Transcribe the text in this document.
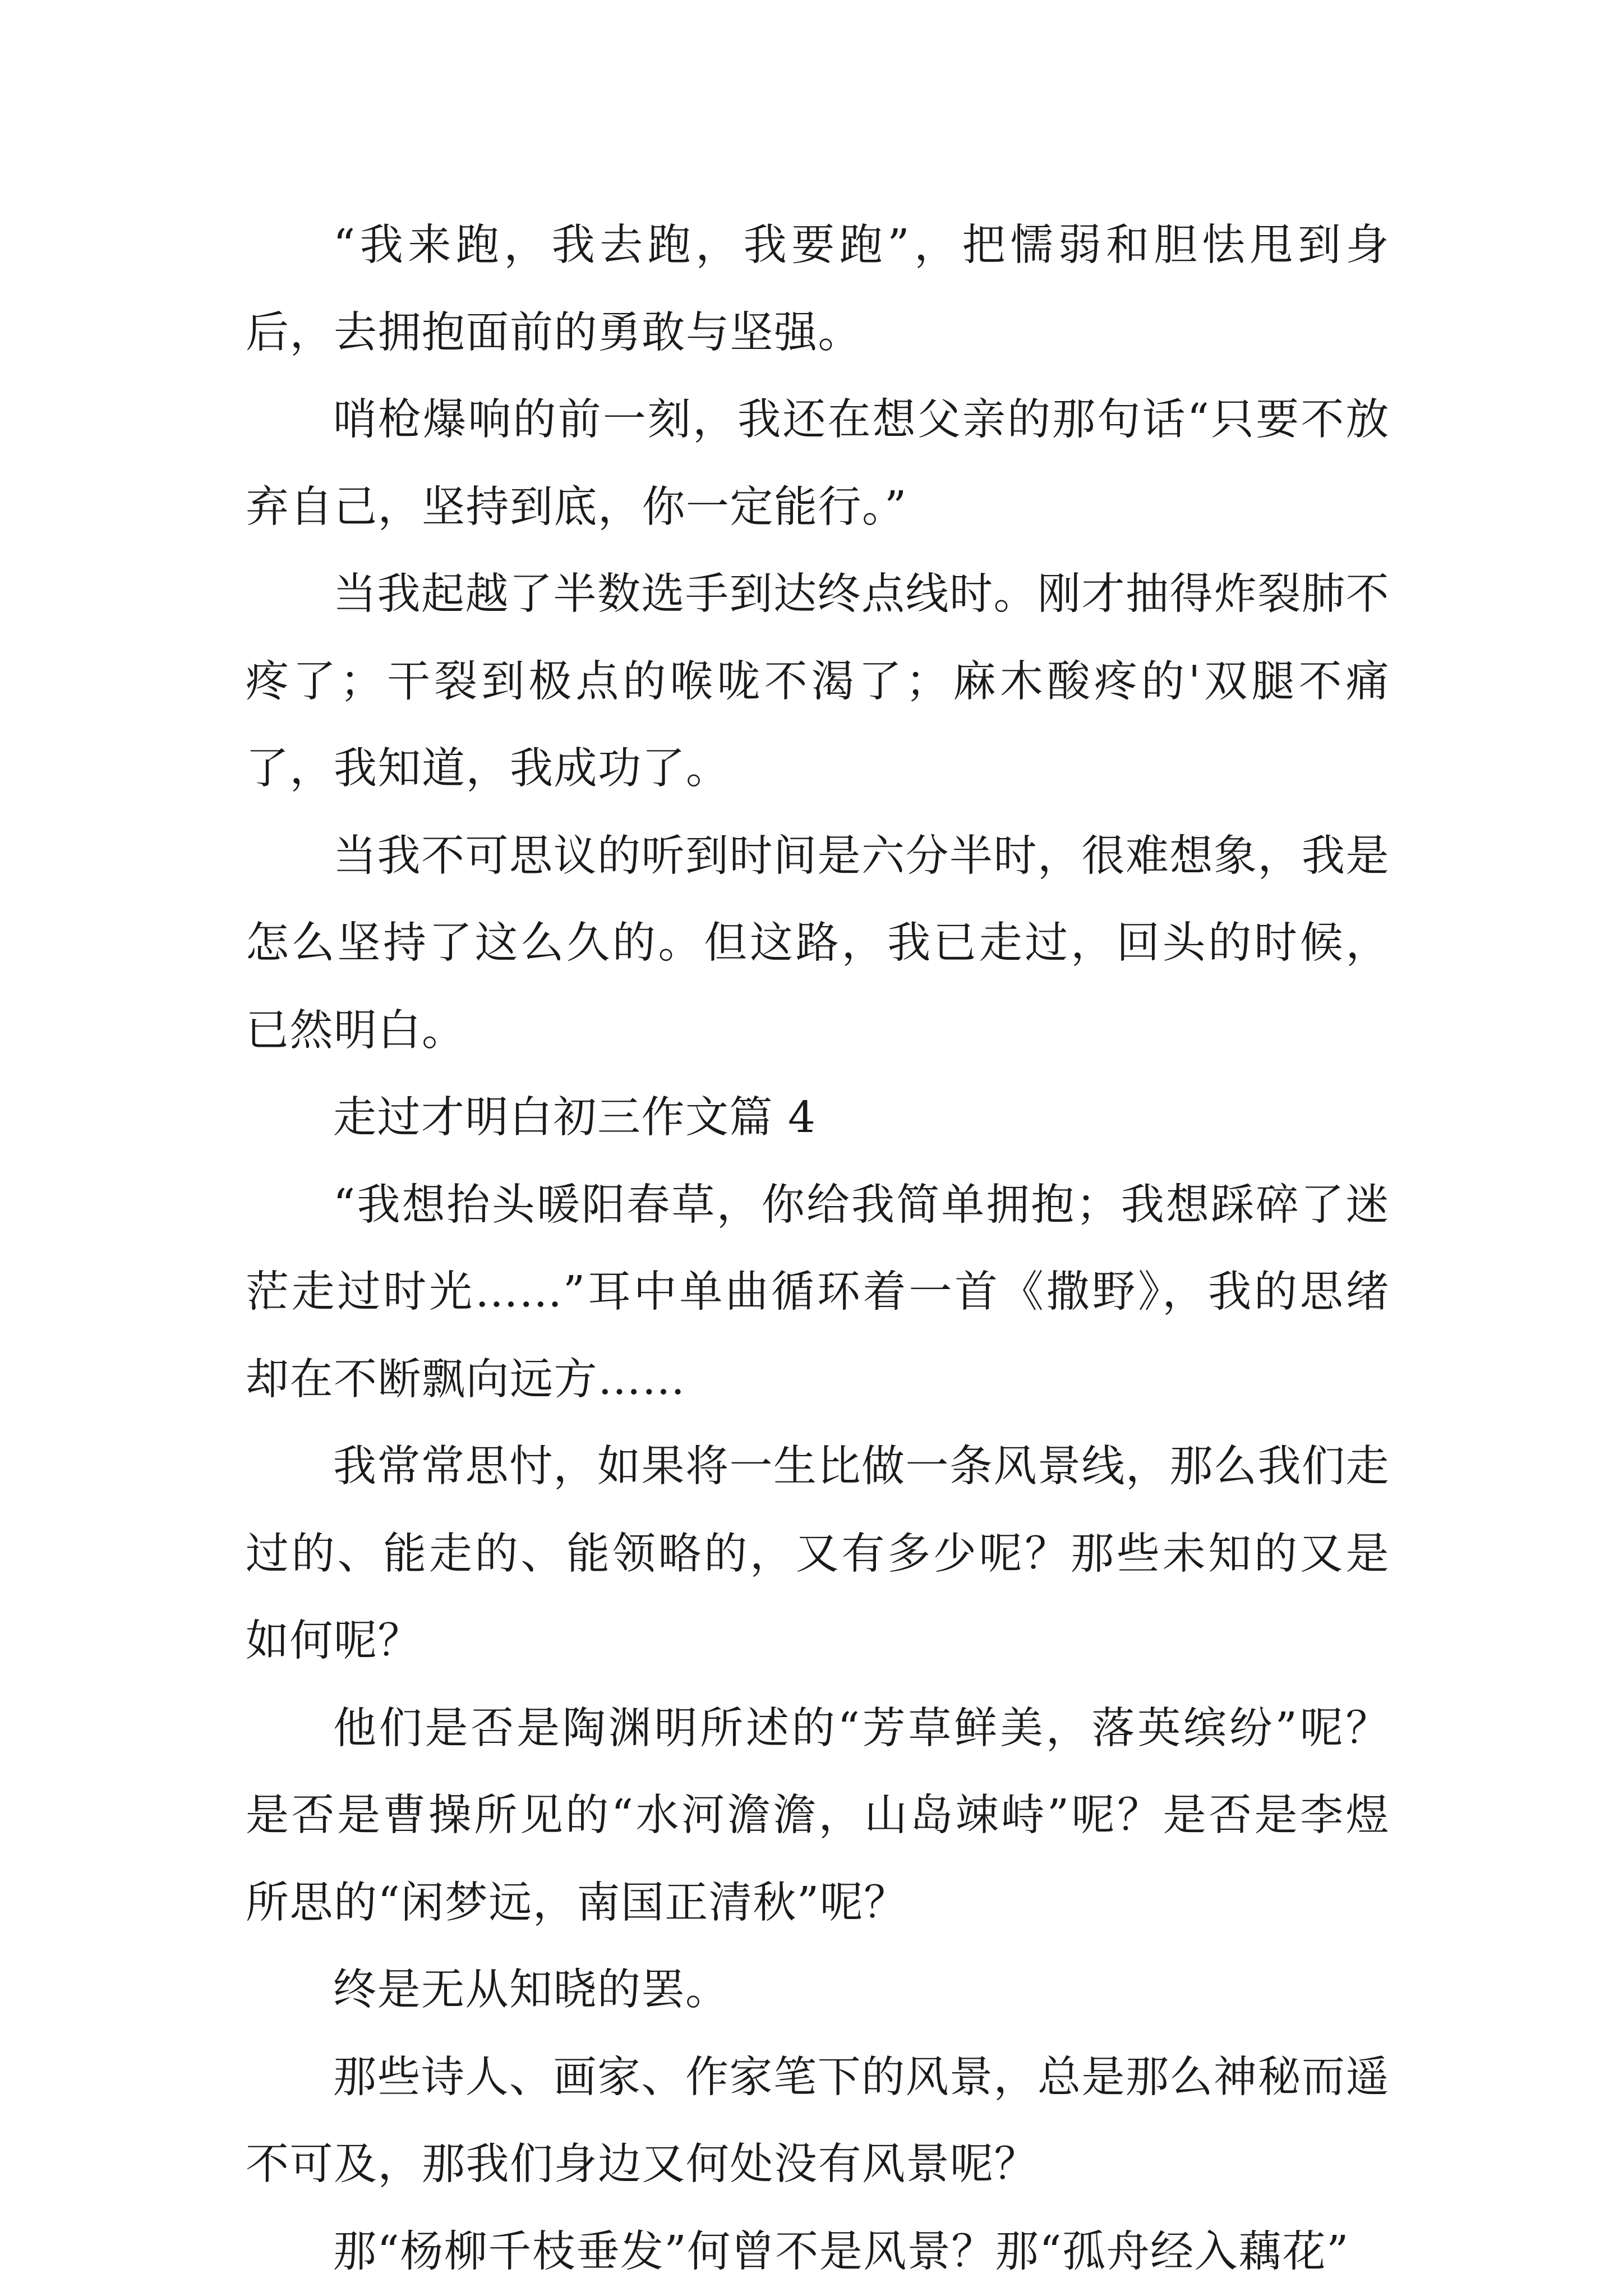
“我来跑，我去跑，我要跑”，把懦弱和胆怯甩到身后，去拥抱面前的勇敢与坚强。

哨枪爆响的前一刻，我还在想父亲的那句话“只要不放弃自己，坚持到底，你一定能行。”

当我起越了半数选手到达终点线时。刚才抽得炸裂肺不疼了；干裂到极点的喉咙不渴了；麻木酸疼的'双腿不痛了，我知道，我成功了。

当我不可思议的听到时间是六分半时，很难想象，我是怎么坚持了这么久的。但这路，我已走过，回头的时候，已然明白。

走过才明白初三作文篇 4

“我想抬头暖阳春草，你给我简单拥抱；我想踩碎了迷茫走过时光……”耳中单曲循环着一首《撒野》，我的思绪却在不断飘向远方……

我常常思忖，如果将一生比做一条风景线，那么我们走过的、能走的、能领略的，又有多少呢？那些未知的又是如何呢？

他们是否是陶渊明所述的“芳草鲜美，落英缤纷”呢？是否是曹操所见的“水河澹澹，山岛竦峙”呢？是否是李煜所思的“闲梦远，南国正清秋”呢？

终是无从知晓的罢。

那些诗人、画家、作家笔下的风景，总是那么神秘而遥不可及，那我们身边又何处没有风景呢？

那“杨柳千枝垂发”何曾不是风景？那“孤舟经入藕花”
